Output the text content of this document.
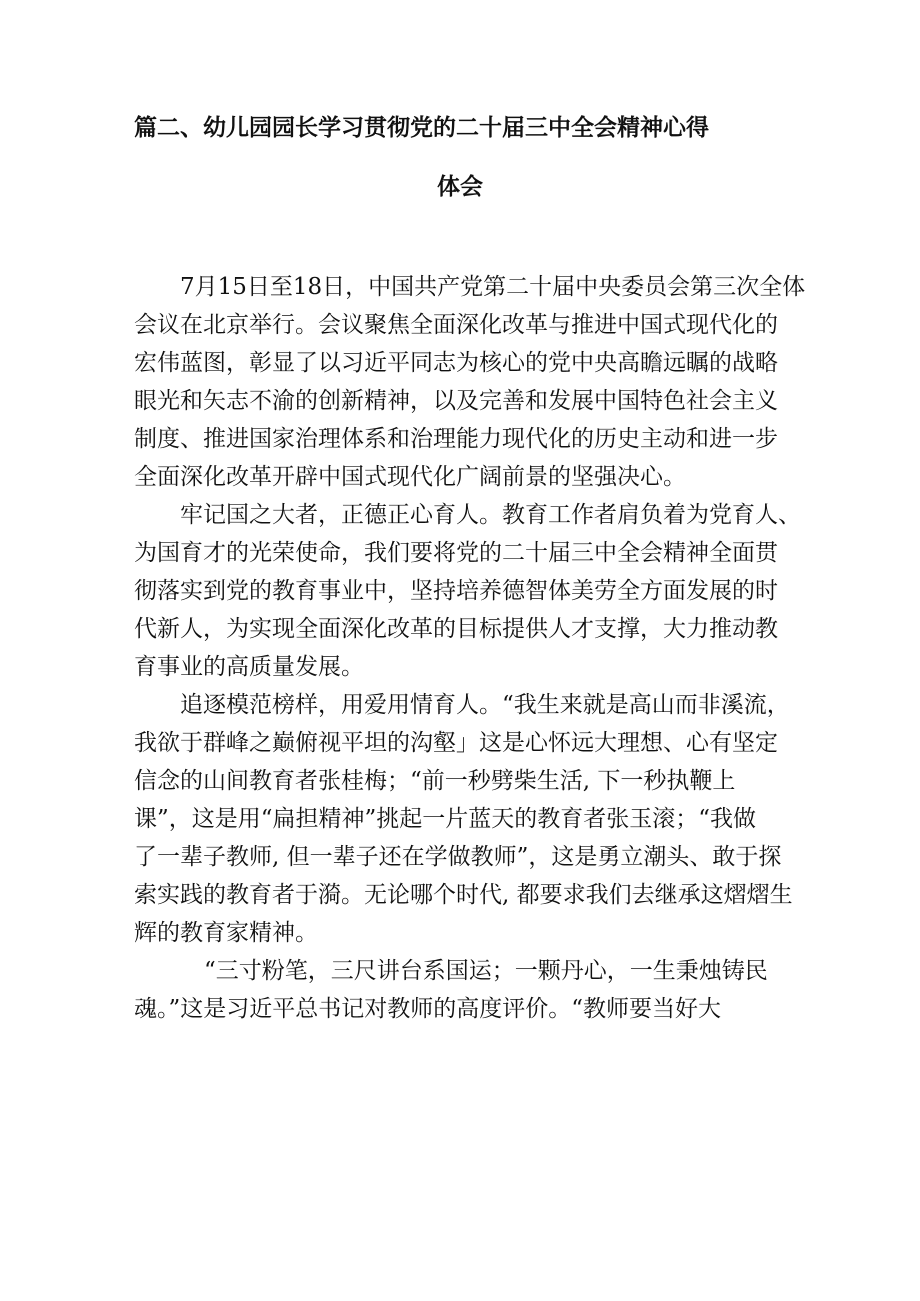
篇二、幼儿园园长学习贯彻党的二十届三中全会精神心得
体会

7月15日至18日，中国共产党第二十届中央委员会第三次全体
会议在北京举行。会议聚焦全面深化改革与推进中国式现代化的
宏伟蓝图，彰显了以习近平同志为核心的党中央高瞻远瞩的战略
眼光和矢志不渝的创新精神，以及完善和发展中国特色社会主义
制度、推进国家治理体系和治理能力现代化的历史主动和进一步
全面深化改革开辟中国式现代化广阔前景的坚强决心。

牢记国之大者，正德正心育人。教育工作者肩负着为党育人、
为国育才的光荣使命，我们要将党的二十届三中全会精神全面贯
彻落实到党的教育事业中，坚持培养德智体美劳全方面发展的时
代新人，为实现全面深化改革的目标提供人才支撑，大力推动教
育事业的高质量发展。

追逐模范榜样，用爱用情育人。“我生来就是高山而非溪流，
我欲于群峰之巅俯视平坦的沟壑」这是心怀远大理想、心有坚定
信念的山间教育者张桂梅；“前一秒劈柴生活, 下一秒执鞭上
课”，这是用“扁担精神”挑起一片蓝天的教育者张玉滚；“我做
了一辈子教师, 但一辈子还在学做教师”，这是勇立潮头、敢于探
索实践的教育者于漪。无论哪个时代, 都要求我们去继承这熠熠生
辉的教育家精神。

“三寸粉笔，三尺讲台系国运；一颗丹心，一生秉烛铸民
魂。”这是习近平总书记对教师的高度评价。“教师要当好大
